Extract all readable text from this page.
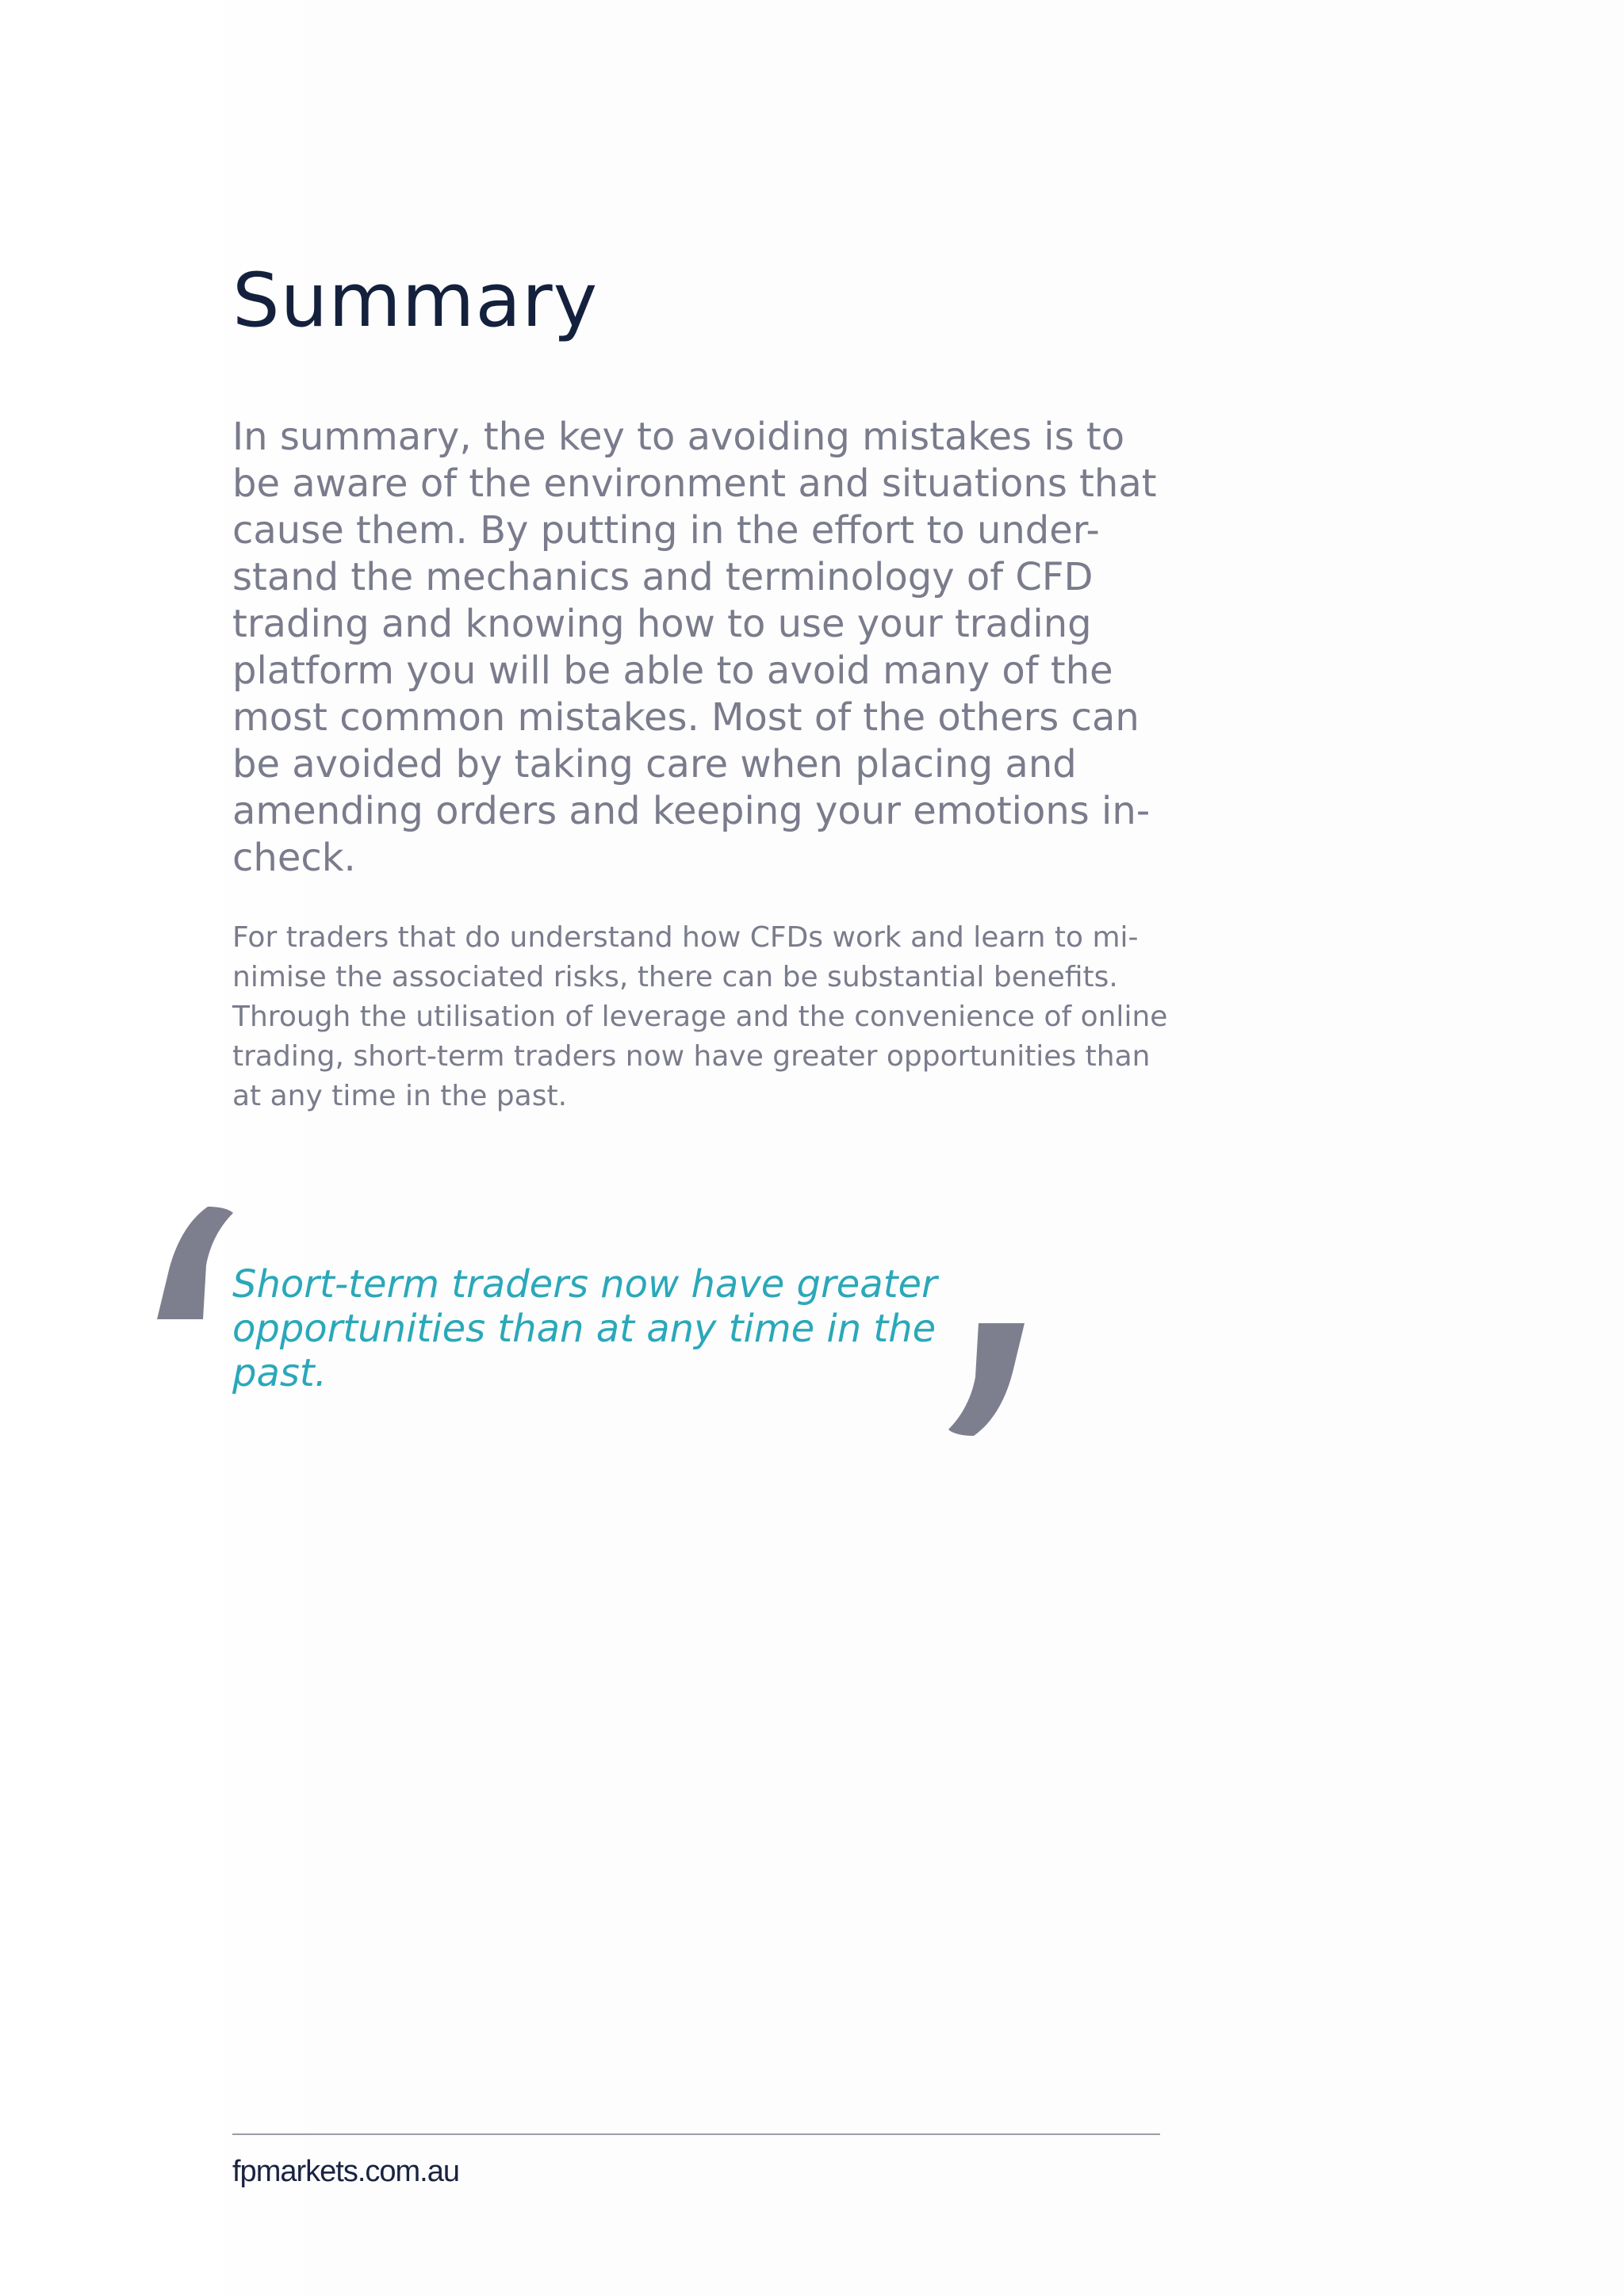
Summary
In summary, the key to avoiding mistakes is to
be aware of the environment and situations that
cause them. By putting in the effort to under-
stand the mechanics and terminology of CFD
trading and knowing how to use your trading
platform you will be able to avoid many of the
most common mistakes. Most of the others can
be avoided by taking care when placing and
amending orders and keeping your emotions in-
check.
For traders that do understand how CFDs work and learn to mi-
nimise the associated risks, there can be substantial benefits.
Through the utilisation of leverage and the convenience of online
trading, short-term traders now have greater opportunities than
at any time in the past.
Short-term traders now have greater
opportunities than at any time in the
past.

fpmarkets.com.au
